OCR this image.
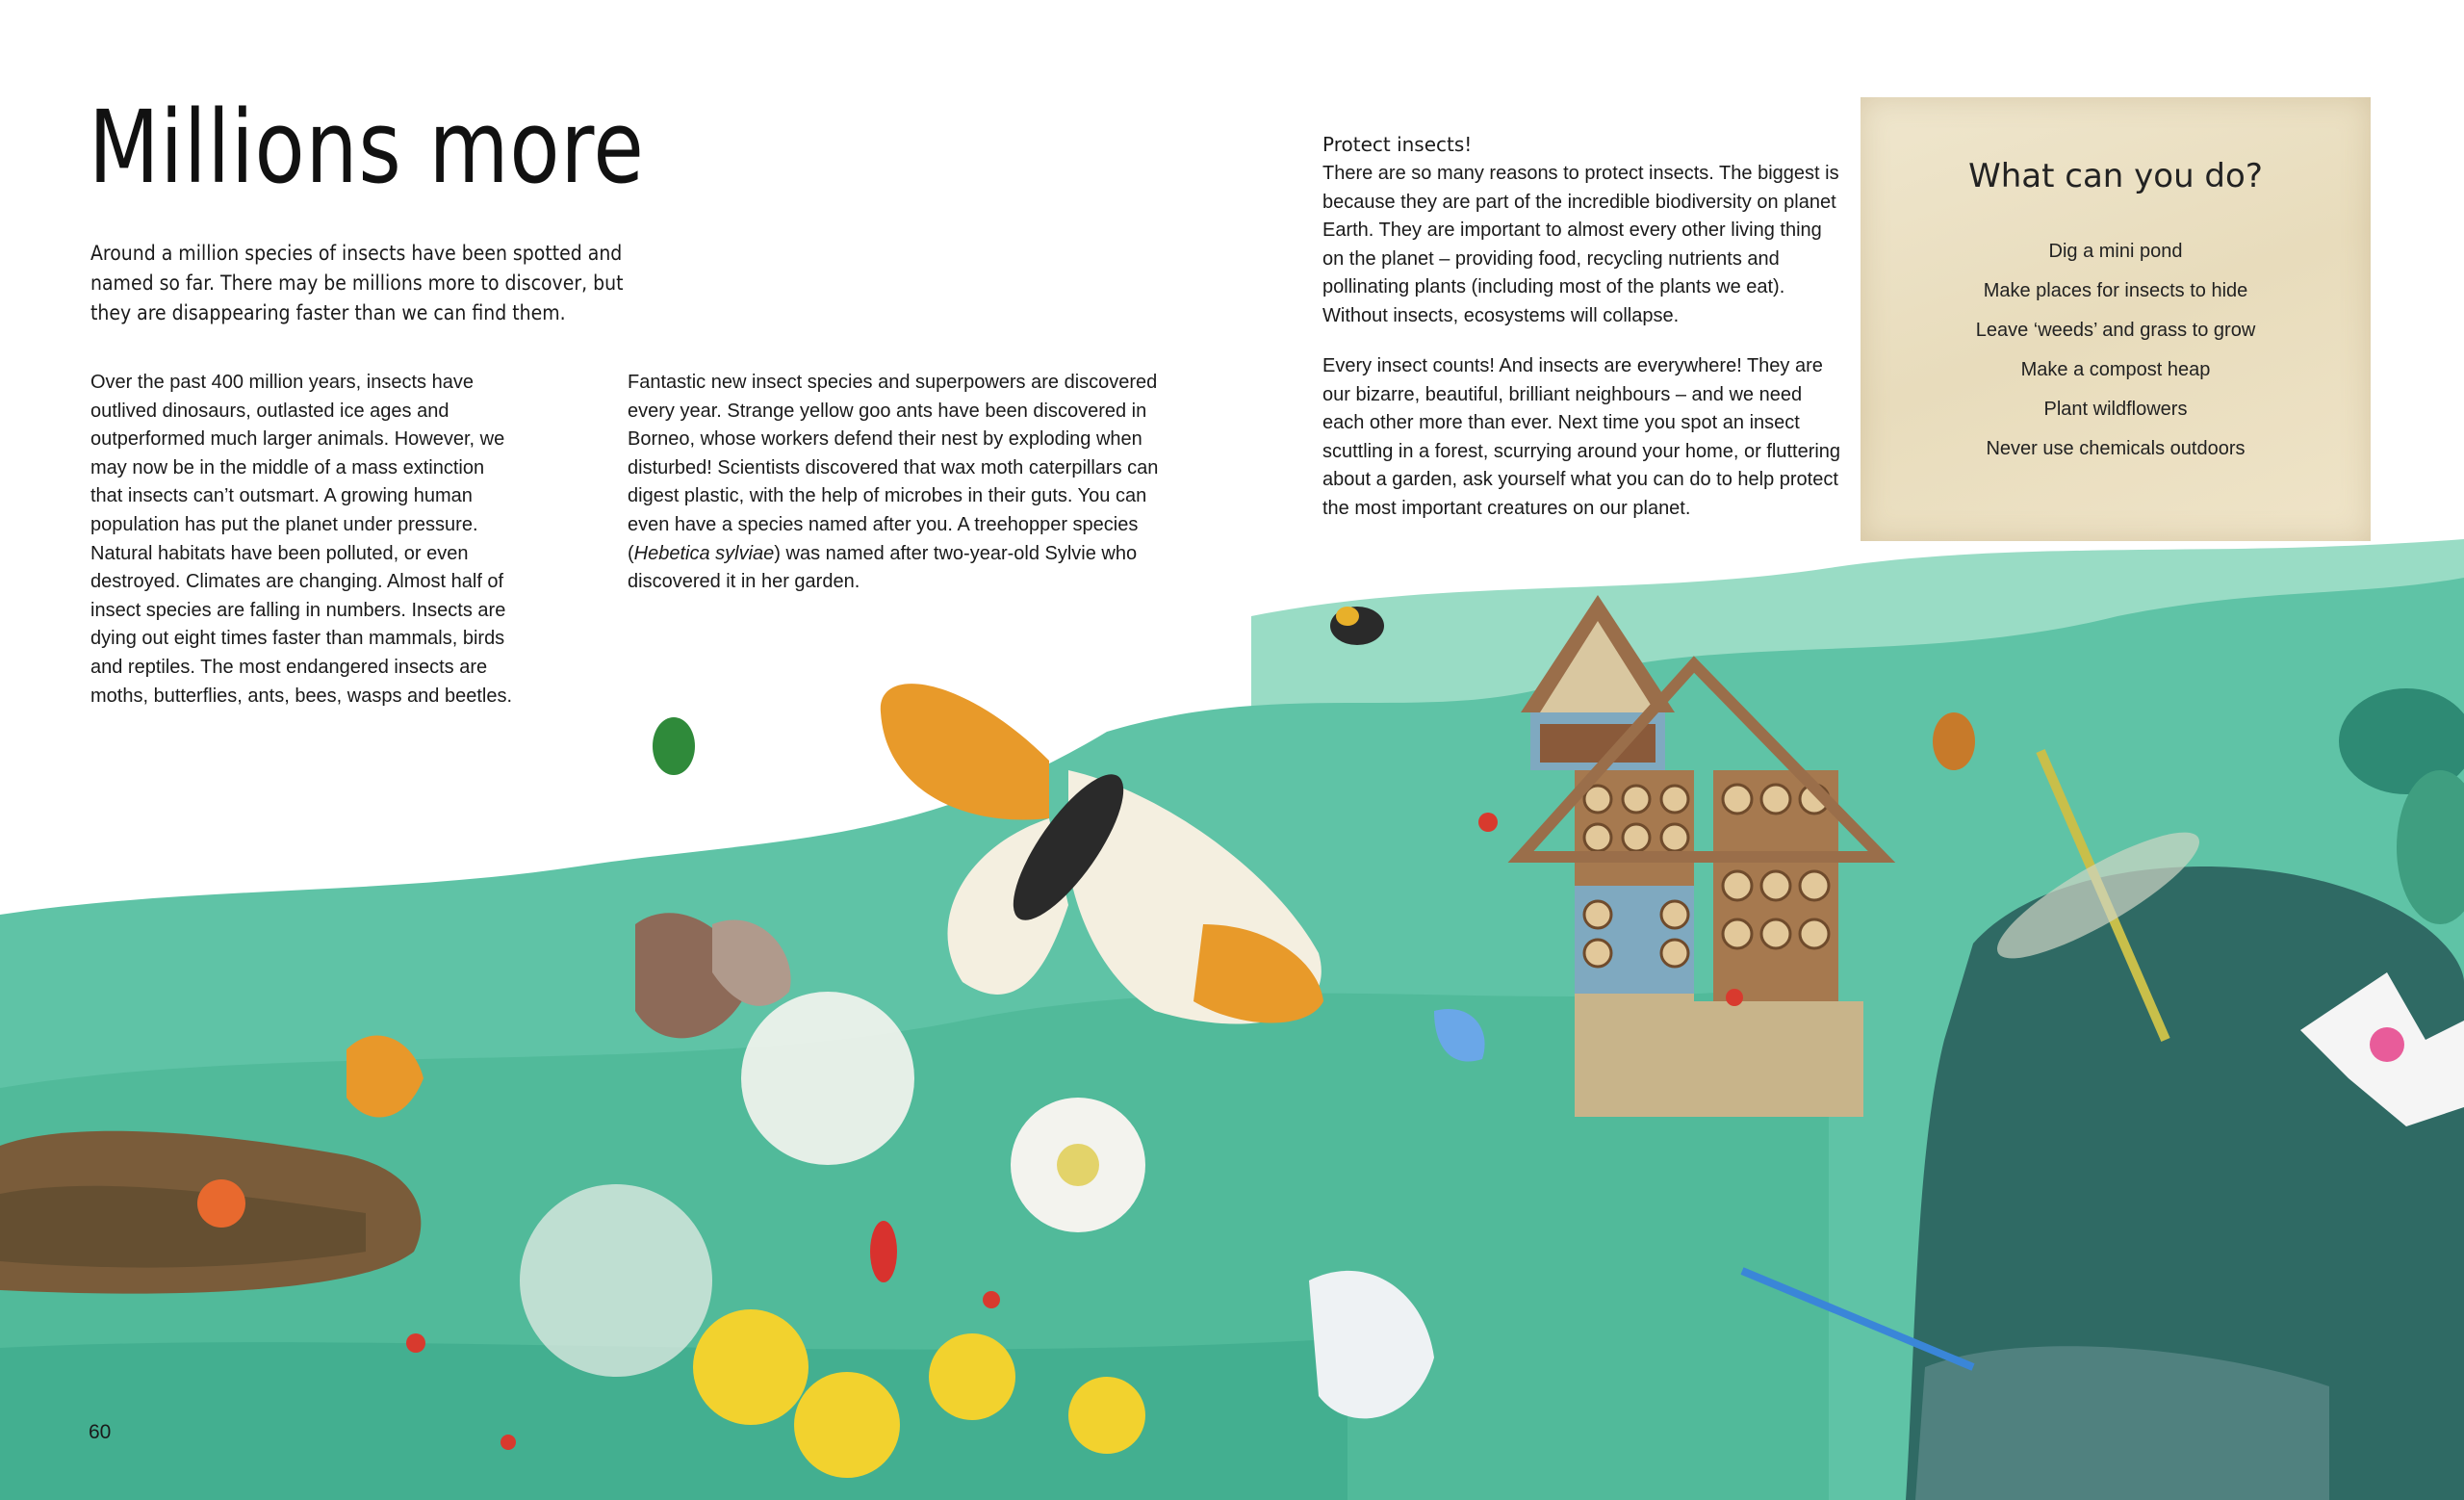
Millions more

Around a million species of insects have been spotted and named so far. There may be millions more to discover, but they are disappearing faster than we can find them.

Over the past 400 million years, insects have outlived dinosaurs, outlasted ice ages and outperformed much larger animals. However, we may now be in the middle of a mass extinction that insects can’t outsmart. A growing human population has put the planet under pressure. Natural habitats have been polluted, or even destroyed. Climates are changing. Almost half of insect species are falling in numbers. Insects are dying out eight times faster than mammals, birds and reptiles. The most endangered insects are moths, butterflies, ants, bees, wasps and beetles.

Fantastic new insect species and superpowers are discovered every year. Strange yellow goo ants have been discovered in Borneo, whose workers defend their nest by exploding when disturbed! Scientists discovered that wax moth caterpillars can digest plastic, with the help of microbes in their guts. You can even have a species named after you. A treehopper species (Hebetica sylviae) was named after two-year-old Sylvie who discovered it in her garden.

Protect insects!

There are so many reasons to protect insects. The biggest is because they are part of the incredible biodiversity on planet Earth. They are important to almost every other living thing on the planet – providing food, recycling nutrients and pollinating plants (including most of the plants we eat). Without insects, ecosystems will collapse.

Every insect counts! And insects are everywhere! They are our bizarre, beautiful, brilliant neighbours – and we need each other more than ever. Next time you spot an insect scuttling in a forest, scurrying around your home, or fluttering about a garden, ask yourself what you can do to help protect the most important creatures on our planet.

What can you do?
Dig a mini pond
Make places for insects to hide
Leave ‘weeds’ and grass to grow
Make a compost heap
Plant wildflowers
Never use chemicals outdoors

60
